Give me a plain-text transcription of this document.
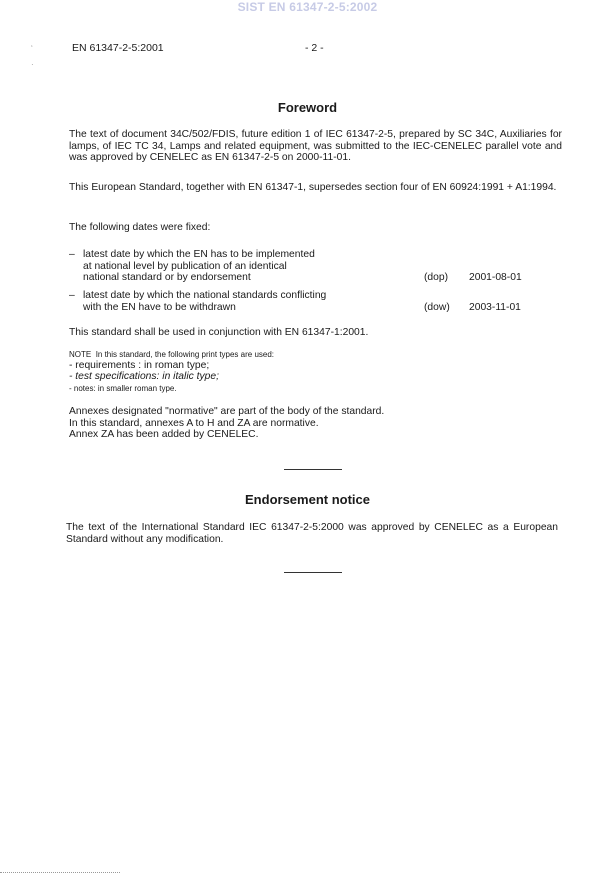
SIST EN 61347-2-5:2002
‘
·
EN 61347-2-5:2001	- 2 -
Foreword
The text of document 34C/502/FDIS, future edition 1 of IEC 61347-2-5, prepared by SC 34C, Auxiliaries for lamps, of IEC TC 34, Lamps and related equipment, was submitted to the IEC-CENELEC parallel vote and was approved by CENELEC as EN 61347-2-5 on 2000-11-01.
This European Standard, together with EN 61347-1, supersedes section four of EN 60924:1991 + A1:1994.
The following dates were fixed:
– latest date by which the EN has to be implemented
at national level by publication of an identical
national standard or by endorsement	(dop) 2001-08-01
– latest date by which the national standards conflicting
with the EN have to be withdrawn	(dow) 2003-11-01
This standard shall be used in conjunction with EN 61347-1:2001.
NOTE In this standard, the following print types are used:
- requirements : in roman type;
- test specifications: in italic type;
- notes: in smaller roman type.
Annexes designated "normative" are part of the body of the standard.
In this standard, annexes A to H and ZA are normative.
Annex ZA has been added by CENELEC.
Endorsement notice
The text of the International Standard IEC 61347-2-5:2000 was approved by CENELEC as a European Standard without any modification.
